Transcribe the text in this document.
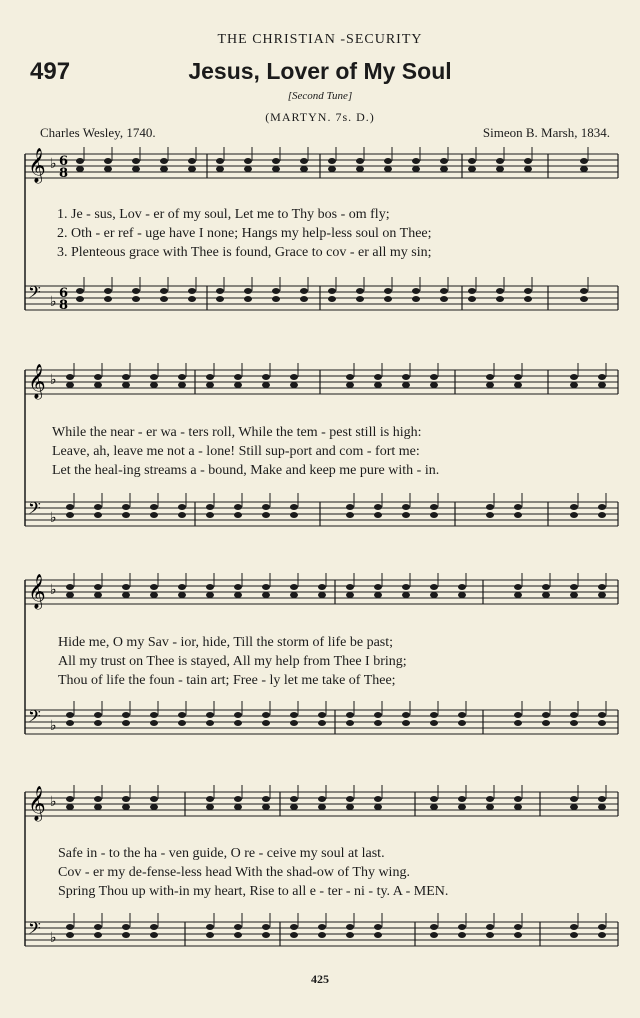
THE CHRISTIAN -SECURITY
497	Jesus, Lover of My Soul
[Second Tune]
(MARTYN. 7s. D.)
Charles Wesley, 1740.	Simeon B. Marsh, 1834.
𝄞 ♭ 6
8
𝄢 ♭
6
8
𝄞 ♭
𝄢 ♭
𝄞 ♭
𝄢 ♭
𝄞 ♭
𝄢 ♭
1. Je - sus, Lov - er of my soul, Let me to Thy bos - om fly;
2. Oth - er ref - uge have I none; Hangs my help-less soul on Thee;
3. Plenteous grace with Thee is found, Grace to cov - er all my sin;
While the near - er wa - ters roll, While the tem - pest still is high:
Leave, ah, leave me not a - lone! Still sup-port and com - fort me:
Let the heal-ing streams a - bound, Make and keep me pure with - in.
Hide me, O my Sav - ior, hide, Till the storm of life be past;
All my trust on Thee is stayed, All my help from Thee I bring;
Thou of life the foun - tain art; Free - ly let me take of Thee;
Safe in - to the ha - ven guide, O re - ceive my soul at last.
Cov - er my de-fense-less head With the shad-ow of Thy wing.
Spring Thou up with-in my heart, Rise to all e - ter - ni - ty. A - MEN.
425
